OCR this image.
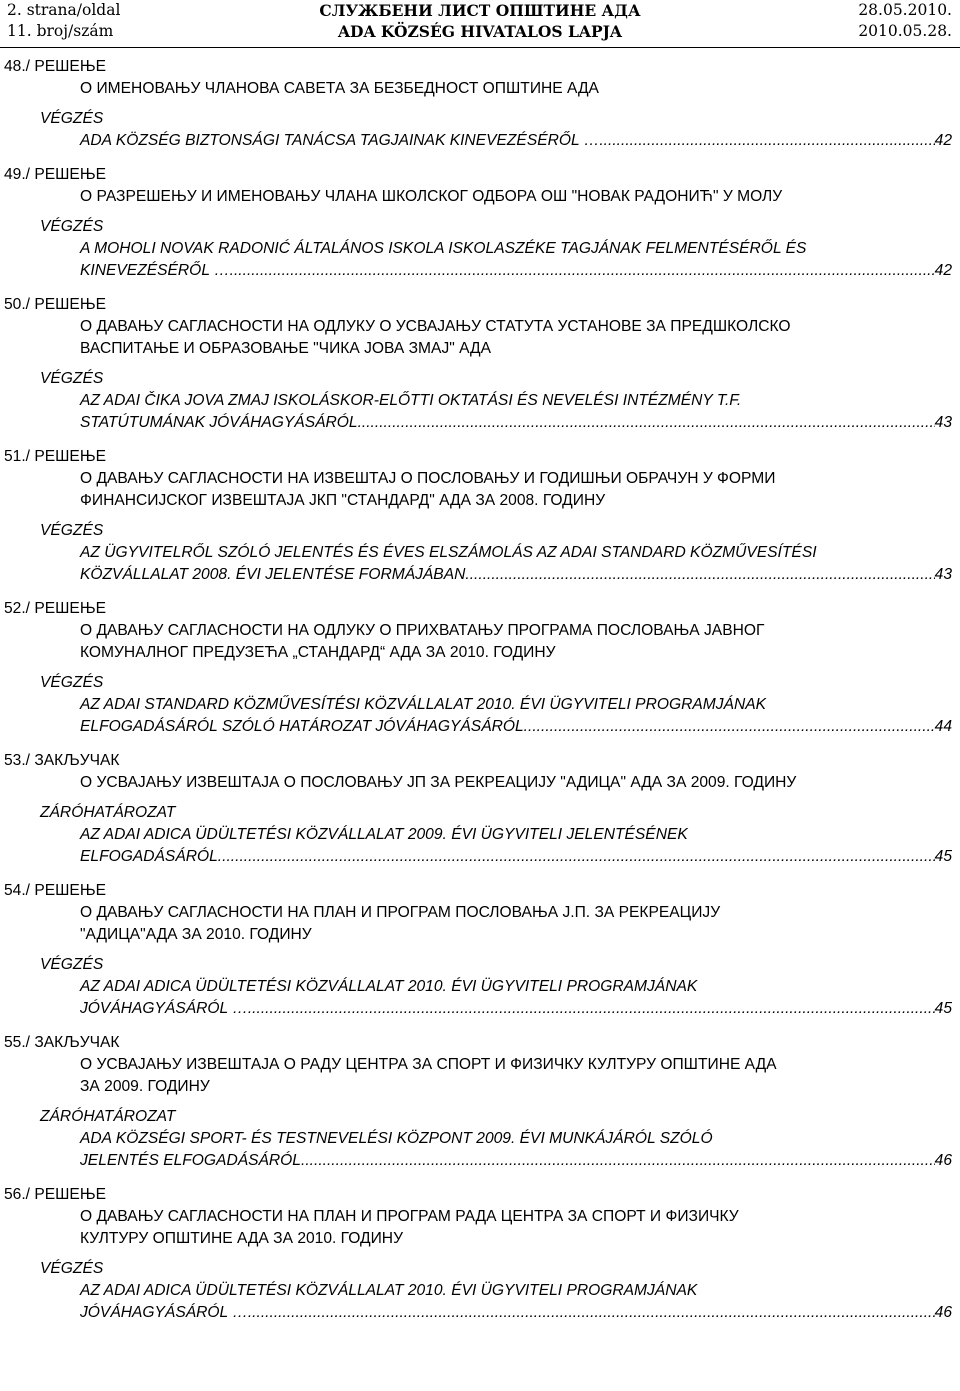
2. strana/oldal
11. broj/szám
СЛУЖБЕНИ ЛИСТ ОПШТИНЕ АДА
ADA KÖZSÉG HIVATALOS LAPJA
28.05.2010.
2010.05.28.
48./ РЕШЕЊЕ
О ИМЕНОВАЊУ ЧЛАНОВА САВЕТА ЗА БЕЗБЕДНОСТ ОПШТИНЕ АДА
VÉGZÉS
ADA KÖZSÉG BIZTONSÁGI TANÁCSA TAGJAINAK KINEVEZÉSÉRŐL … .....	42
49./ РЕШЕЊЕ
О РАЗРЕШЕЊУ И ИМЕНОВАЊУ ЧЛАНА ШКОЛСКОГ ОДБОРА ОШ "НОВАК РАДОНИЋ" У МОЛУ
VÉGZÉS
A MOHOLI NOVAK RADONIĆ ÁLTALÁNOS ISKOLA ISKOLASZÉKE TAGJÁNAK FELMENTÉSÉRŐL ÉS
KINEVEZÉSÉRŐL … .....	42
50./ РЕШЕЊЕ
О ДАВАЊУ САГЛАСНОСТИ НА ОДЛУКУ О УСВАЈАЊУ СТАТУТА УСТАНОВЕ ЗА ПРЕДШКОЛСКО
ВАСПИТАЊЕ И ОБРАЗОВАЊЕ "ЧИКА ЈОВА ЗМАЈ" АДА
VÉGZÉS
AZ ADAI ČIKA JOVA ZMAJ ISKOLÁSKOR-ELŐTTI OKTATÁSI ÉS NEVELÉSI INTÉZMÉNY T.F.
STATÚTUMÁNAK JÓVÁHAGYÁSÁRÓL .....	43
51./ РЕШЕЊЕ
О ДАВАЊУ САГЛАСНОСТИ НА ИЗВЕШТАЈ О ПОСЛОВАЊУ И ГОДИШЊИ ОБРАЧУН У ФОРМИ
ФИНАНСИЈСКОГ ИЗВЕШТАЈА ЈКП "СТАНДАРД" АДА ЗА 2008. ГОДИНУ
VÉGZÉS
AZ ÜGYVITELRŐL SZÓLÓ JELENTÉS ÉS ÉVES ELSZÁMOLÁS AZ ADAI STANDARD KÖZMŰVESÍTÉSI
KÖZVÁLLALAT 2008. ÉVI JELENTÉSE FORMÁJÁBAN .....	43
52./ РЕШЕЊЕ
О ДАВАЊУ САГЛАСНОСТИ НА ОДЛУКУ О ПРИХВАТАЊУ ПРОГРАМА ПОСЛОВАЊА ЈАВНОГ
КОМУНАЛНОГ ПРЕДУЗЕЋА „СТАНДАРД“ АДА ЗА 2010. ГОДИНУ
VÉGZÉS
AZ ADAI STANDARD KÖZMŰVESÍTÉSI KÖZVÁLLALAT 2010. ÉVI ÜGYVITELI PROGRAMJÁNAK
ELFOGADÁSÁRÓL SZÓLÓ HATÁROZAT JÓVÁHAGYÁSÁRÓL .....	44
53./ ЗАКЉУЧАК
О УСВАЈАЊУ ИЗВЕШТАЈА О ПОСЛОВАЊУ ЈП ЗА РЕКРЕАЦИЈУ "АДИЦА" АДА ЗА 2009. ГОДИНУ
ZÁRÓHATÁROZAT
AZ ADAI ADICA ÜDÜLTETÉSI KÖZVÁLLALAT 2009. ÉVI ÜGYVITELI JELENTÉSÉNEK
ELFOGADÁSÁRÓL .....	45
54./ РЕШЕЊЕ
О ДАВАЊУ САГЛАСНОСТИ НА ПЛАН И ПРОГРАМ ПОСЛОВАЊА Ј.П. ЗА РЕКРЕАЦИЈУ
"АДИЦА"АДА ЗА 2010. ГОДИНУ
VÉGZÉS
AZ ADAI ADICA ÜDÜLTETÉSI KÖZVÁLLALAT 2010. ÉVI ÜGYVITELI PROGRAMJÁNAK
JÓVÁHAGYÁSÁRÓL … .....	45
55./ ЗАКЉУЧАК
О УСВАЈАЊУ ИЗВЕШТАЈА О РАДУ ЦЕНТРА ЗА СПОРТ И ФИЗИЧКУ КУЛТУРУ ОПШТИНЕ АДА
ЗА 2009. ГОДИНУ
ZÁRÓHATÁROZAT
ADA KÖZSÉGI SPORT- ÉS TESTNEVELÉSI KÖZPONT 2009. ÉVI MUNKÁJÁRÓL SZÓLÓ
JELENTÉS ELFOGADÁSÁRÓL .....	46
56./ РЕШЕЊЕ
О ДАВАЊУ САГЛАСНОСТИ НА ПЛАН И ПРОГРАМ РАДА ЦЕНТРА ЗА СПОРТ И ФИЗИЧКУ
КУЛТУРУ ОПШТИНЕ АДА ЗА 2010. ГОДИНУ
VÉGZÉS
AZ ADAI ADICA ÜDÜLTETÉSI KÖZVÁLLALAT 2010. ÉVI ÜGYVITELI PROGRAMJÁNAK
JÓVÁHAGYÁSÁRÓL … .....	46
